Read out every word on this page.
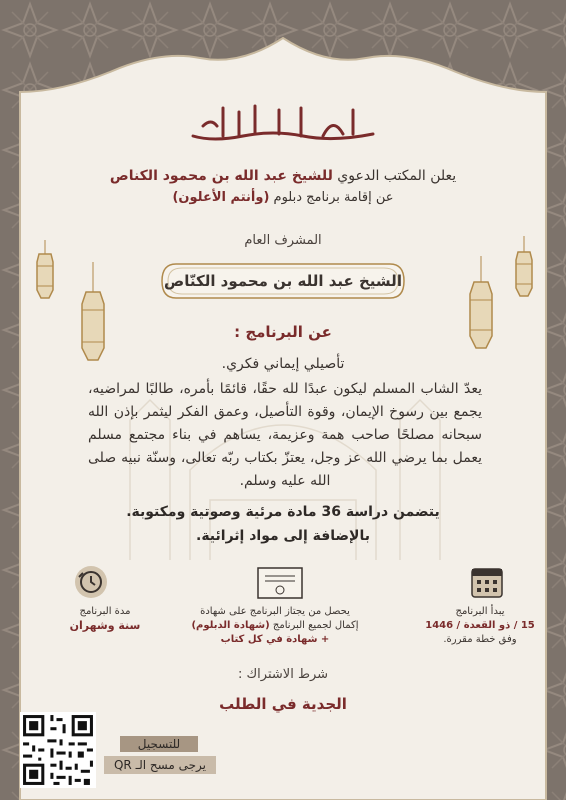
يعلن المكتب الدعوي للشيخ عبد الله بن محمود الكناص
عن إقامة برنامج دبلوم (وأنتم الأعلون)
المشرف العام
الشيخ عبد الله بن محمود الكنّاص
عن البرنامج :
تأصيلي إيماني فكري.
يعدّ الشاب المسلم ليكون عبدًا لله حقًا، قائمًا بأمره، طالبًا لمراضيه، يجمع بين رسوخ الإيمان، وقوة التأصيل، وعمق الفكر ليثمر بإذن الله سبحانه مصلحًا صاحب همة وعزيمة، يساهم في بناء مجتمع مسلم يعمل بما يرضي الله عز وجل، يعتزّ بكتاب ربّه تعالى، وسنّة نبيه صلى الله عليه وسلم.
يتضمن دراسة 36 مادة مرئية وصوتية ومكتوبة.
بالإضافة إلى مواد إثرائية.
مدة البرنامج
سنة وشهران
يحصل من يجتاز البرنامج على شهادة
إكمال لجميع البرنامج (شهادة الدبلوم)
+ شهادة في كل كتاب
يبدأ البرنامج
15 / ذو القعدة / 1446
وفق خطة مقررة.
شرط الاشتراك :
الجدية في الطلب
للتسجيل
يرجى مسح الـ QR
